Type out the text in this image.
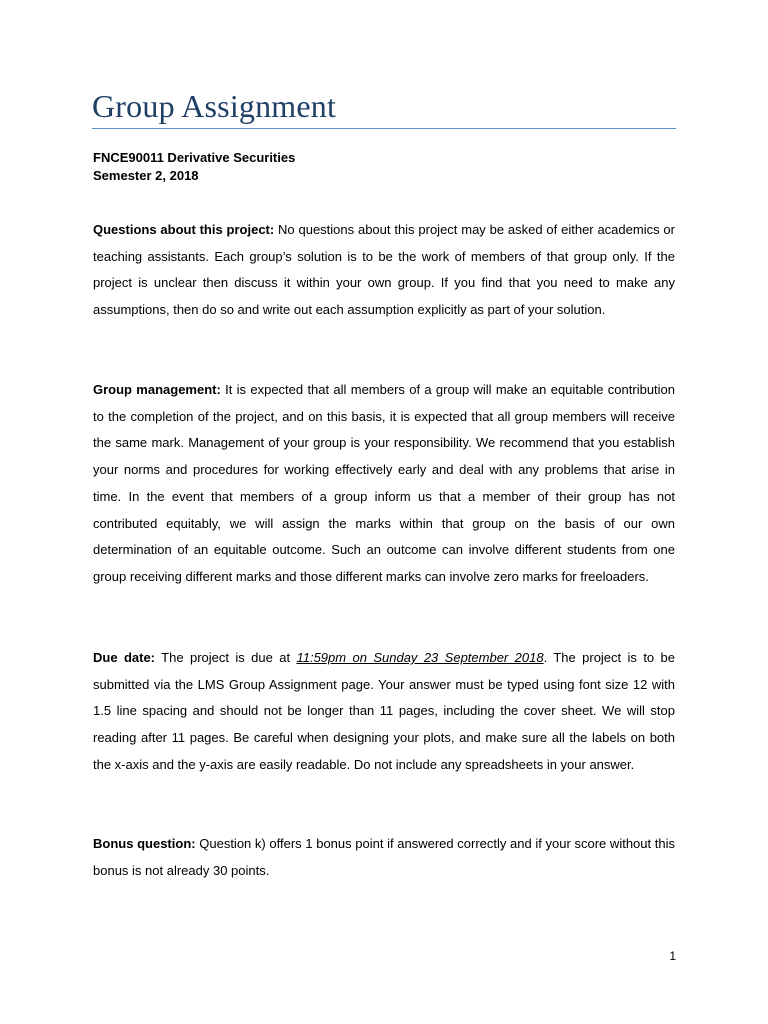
Group Assignment
FNCE90011 Derivative Securities
Semester 2, 2018

Questions about this project: No questions about this project may be asked of either academics or teaching assistants. Each group’s solution is to be the work of members of that group only. If the project is unclear then discuss it within your own group. If you find that you need to make any assumptions, then do so and write out each assumption explicitly as part of your solution.

Group management: It is expected that all members of a group will make an equitable contribution to the completion of the project, and on this basis, it is expected that all group members will receive the same mark. Management of your group is your responsibility. We recommend that you establish your norms and procedures for working effectively early and deal with any problems that arise in time. In the event that members of a group inform us that a member of their group has not contributed equitably, we will assign the marks within that group on the basis of our own determination of an equitable outcome. Such an outcome can involve different students from one group receiving different marks and those different marks can involve zero marks for freeloaders.

Due date: The project is due at 11:59pm on Sunday 23 September 2018. The project is to be submitted via the LMS Group Assignment page. Your answer must be typed using font size 12 with 1.5 line spacing and should not be longer than 11 pages, including the cover sheet. We will stop reading after 11 pages. Be careful when designing your plots, and make sure all the labels on both the x-axis and the y-axis are easily readable. Do not include any spreadsheets in your answer.

Bonus question: Question k) offers 1 bonus point if answered correctly and if your score without this bonus is not already 30 points.

1
